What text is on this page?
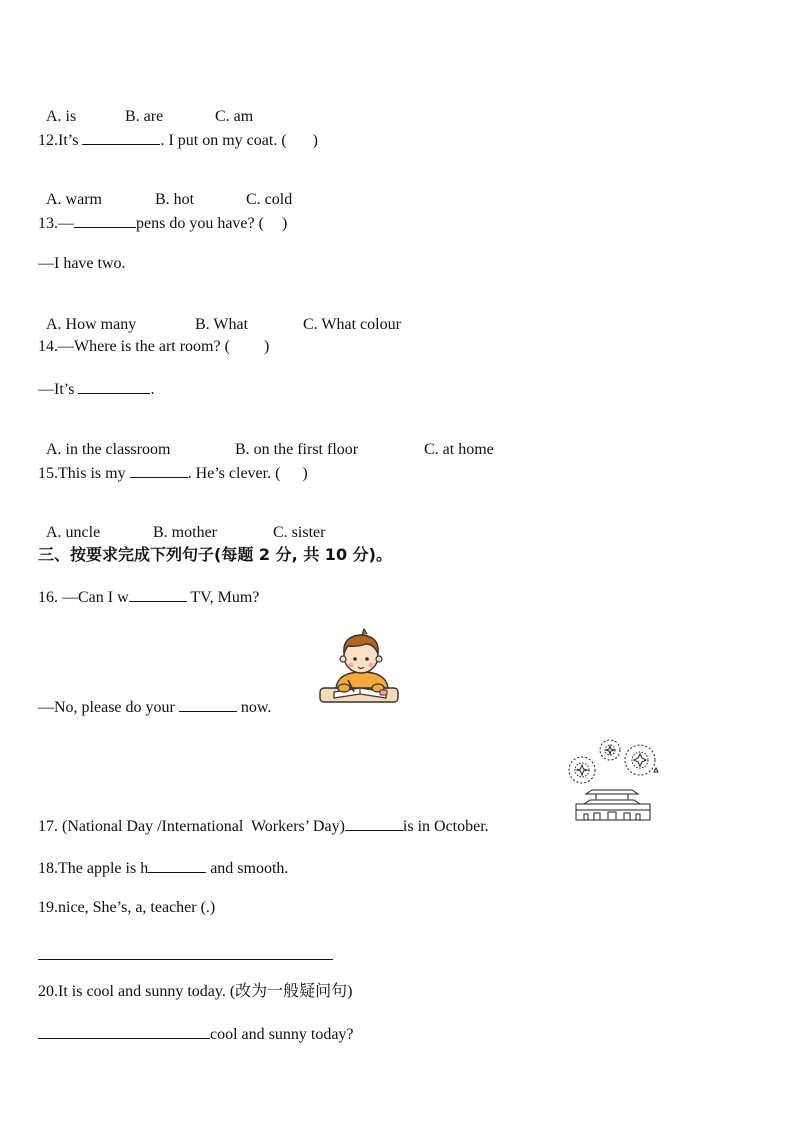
A. is	B. are	C. am

12.It’s	. I put on my coat. ( )

A. warm	B. hot	C. cold

13.—	pens do you have? ( )
—I have two.

A. How many	B. What	C. What colour

14.—Where is the art room? ( )
—It’s	.

A. in the classroom	B. on the first floor	C. at home

15.This is my	. He’s clever. ( )

A. uncle	B. mother	C. sister

三、按要求完成下列句子(每题 2 分, 共 10 分)。
16. —Can I w	TV, Mum?
—No, please do your	now.
17. (National Day /International  Workers’ Day)	is in October.
18.The apple is h	and smooth.
19.nice, She’s, a, teacher (.)
20.It is cool and sunny today. (改为一般疑问句)
cool and sunny today?
